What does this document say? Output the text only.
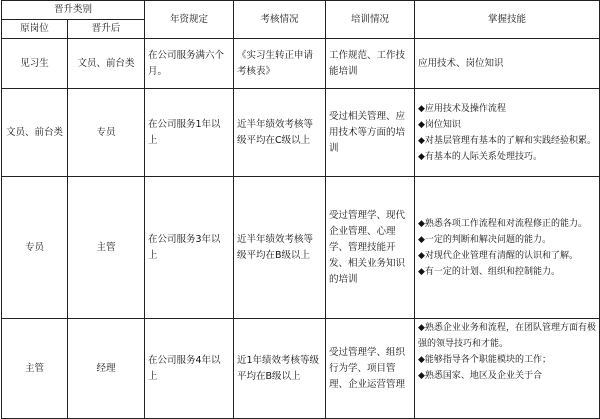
晋升类别		年资规定	考核情况	培训情况	掌握技能
原岗位	晋升后				
见习生	文员、前台类	在公司服务满六个月。	《实习生转正申请考核表》	工作规范、工作技能培训	应用技术、岗位知识

文员、前台类	专员	在公司服务1年以上	近半年绩效考核等级平均在C级以上	受过相关管理、应用技术等方面的培训	◆应用技术及操作流程
◆岗位知识
◆对基层管理有基本的了解和实践经验积累。
◆有基本的人际关系处理技巧。

专员	主管	在公司服务3年以上	近半年绩效考核等级平均在B级以上	受过管理学、现代企业管理、心理学、管理技能开发、相关业务知识的培训	◆熟悉各项工作流程和对流程修正的能力。
◆一定的判断和解决问题的能力。
◆对现代企业管理有清醒的认识和了解。
◆有一定的计划、组织和控制能力。

主管	经理	在公司服务4年以上	近1年绩效考核等级平均在B级以上	受过管理学、组织行为学、项目管理、企业运营管理	◆熟悉企业业务和流程，在团队管理方面有极强的领导技巧和才能。
◆能够指导各个职能模块的工作；
◆熟悉国家、地区及企业关于合
